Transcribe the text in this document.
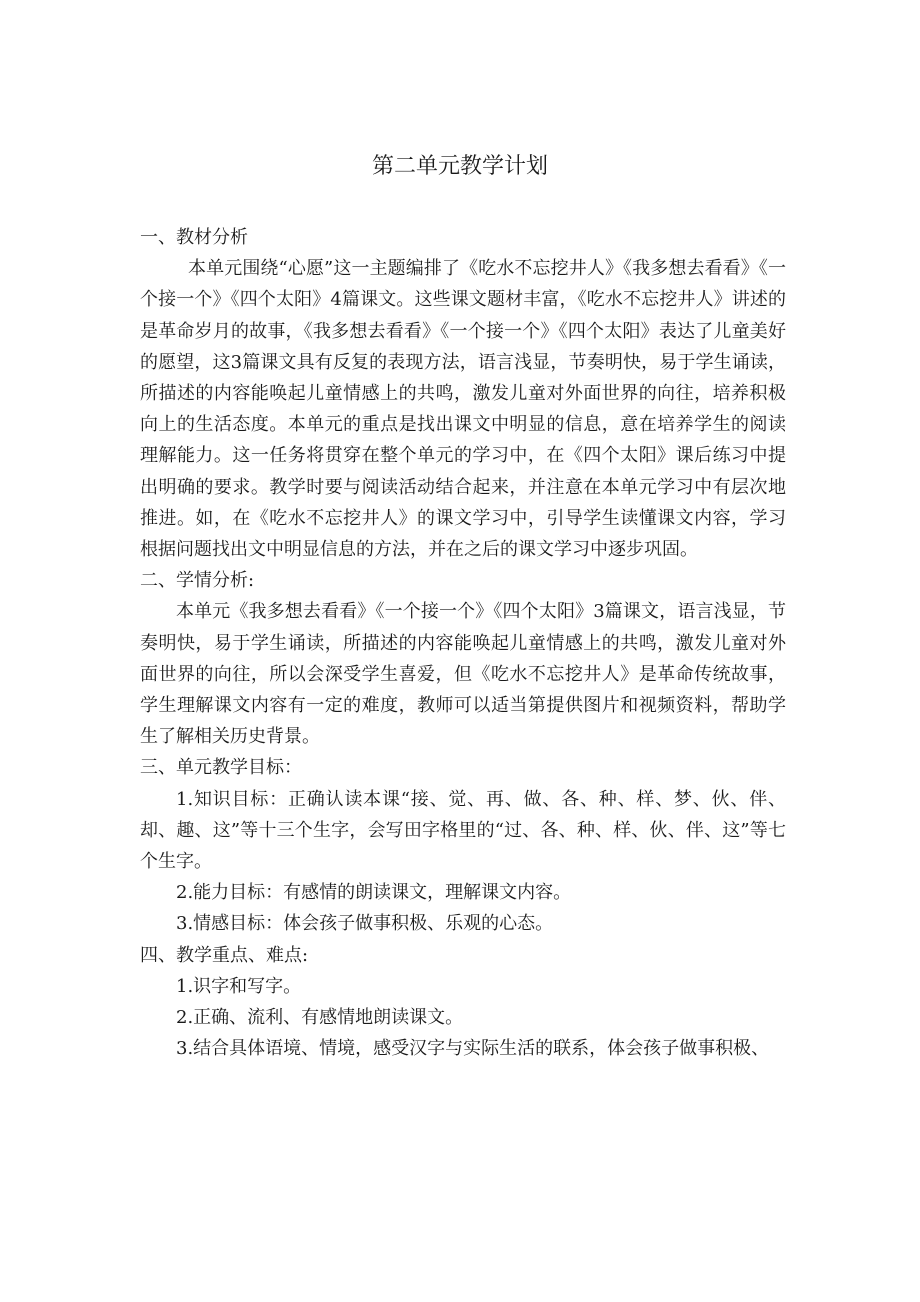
第二单元教学计划

一、教材分析

本单元围绕“心愿”这一主题编排了《吃水不忘挖井人》《我多想去看看》《一个接一个》《四个太阳》4篇课文。这些课文题材丰富，《吃水不忘挖井人》讲述的是革命岁月的故事，《我多想去看看》《一个接一个》《四个太阳》表达了儿童美好的愿望，这3篇课文具有反复的表现方法，语言浅显，节奏明快，易于学生诵读，所描述的内容能唤起儿童情感上的共鸣，激发儿童对外面世界的向往，培养积极向上的生活态度。本单元的重点是找出课文中明显的信息，意在培养学生的阅读理解能力。这一任务将贯穿在整个单元的学习中，在《四个太阳》课后练习中提出明确的要求。教学时要与阅读活动结合起来，并注意在本单元学习中有层次地推进。如，在《吃水不忘挖井人》的课文学习中，引导学生读懂课文内容，学习根据问题找出文中明显信息的方法，并在之后的课文学习中逐步巩固。

二、学情分析:

本单元《我多想去看看》《一个接一个》《四个太阳》3篇课文，语言浅显，节奏明快，易于学生诵读，所描述的内容能唤起儿童情感上的共鸣，激发儿童对外面世界的向往，所以会深受学生喜爱，但《吃水不忘挖井人》是革命传统故事，学生理解课文内容有一定的难度，教师可以适当第提供图片和视频资料，帮助学生了解相关历史背景。

三、单元教学目标：

1.知识目标：正确认读本课“接、觉、再、做、各、种、样、梦、伙、伴、却、趣、这”等十三个生字，会写田字格里的“过、各、种、样、伙、伴、这”等七个生字。

2.能力目标：有感情的朗读课文，理解课文内容。

3.情感目标：体会孩子做事积极、乐观的心态。

四、教学重点、难点:

1.识字和写字。

2.正确、流利、有感情地朗读课文。

3.结合具体语境、情境，感受汉字与实际生活的联系，体会孩子做事积极、
